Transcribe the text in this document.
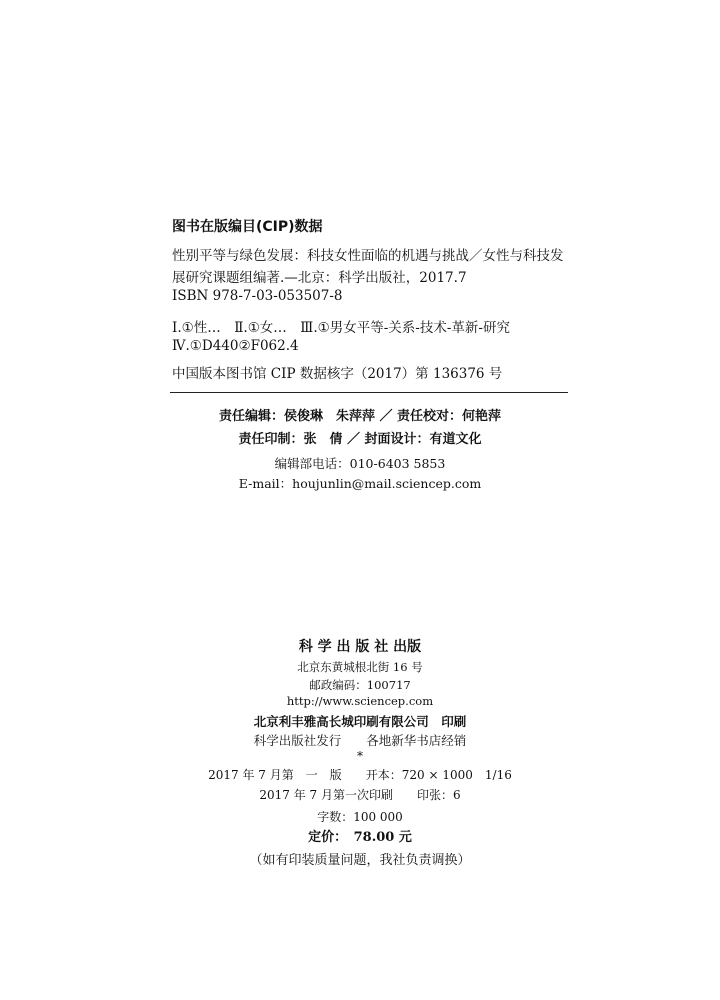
图书在版编目(CIP)数据
性别平等与绿色发展：科技女性面临的机遇与挑战／女性与科技发
展研究课题组编著.—北京：科学出版社，2017.7
ISBN 978-7-03-053507-8
Ⅰ.①性…　Ⅱ.①女…　Ⅲ.①男女平等-关系-技术-革新-研究
Ⅳ.①D440②F062.4
中国版本图书馆 CIP 数据核字（2017）第 136376 号
责任编辑：侯俊琳　朱萍萍 ／ 责任校对：何艳萍
责任印制：张　倩 ／ 封面设计：有道文化
编辑部电话：010-6403 5853
E-mail：houjunlin@mail.sciencep.com
科 学 出 版 社 出版
北京东黄城根北街 16 号
邮政编码：100717
http://www.sciencep.com
北京利丰雅高长城印刷有限公司　印刷
科学出版社发行　　各地新华书店经销
*
2017 年 7 月第　一　版　　开本：720 × 1000　1/16
2017 年 7 月第一次印刷　　印张：6
字数：100 000
定价：　78.00 元
（如有印装质量问题，我社负责调换）
